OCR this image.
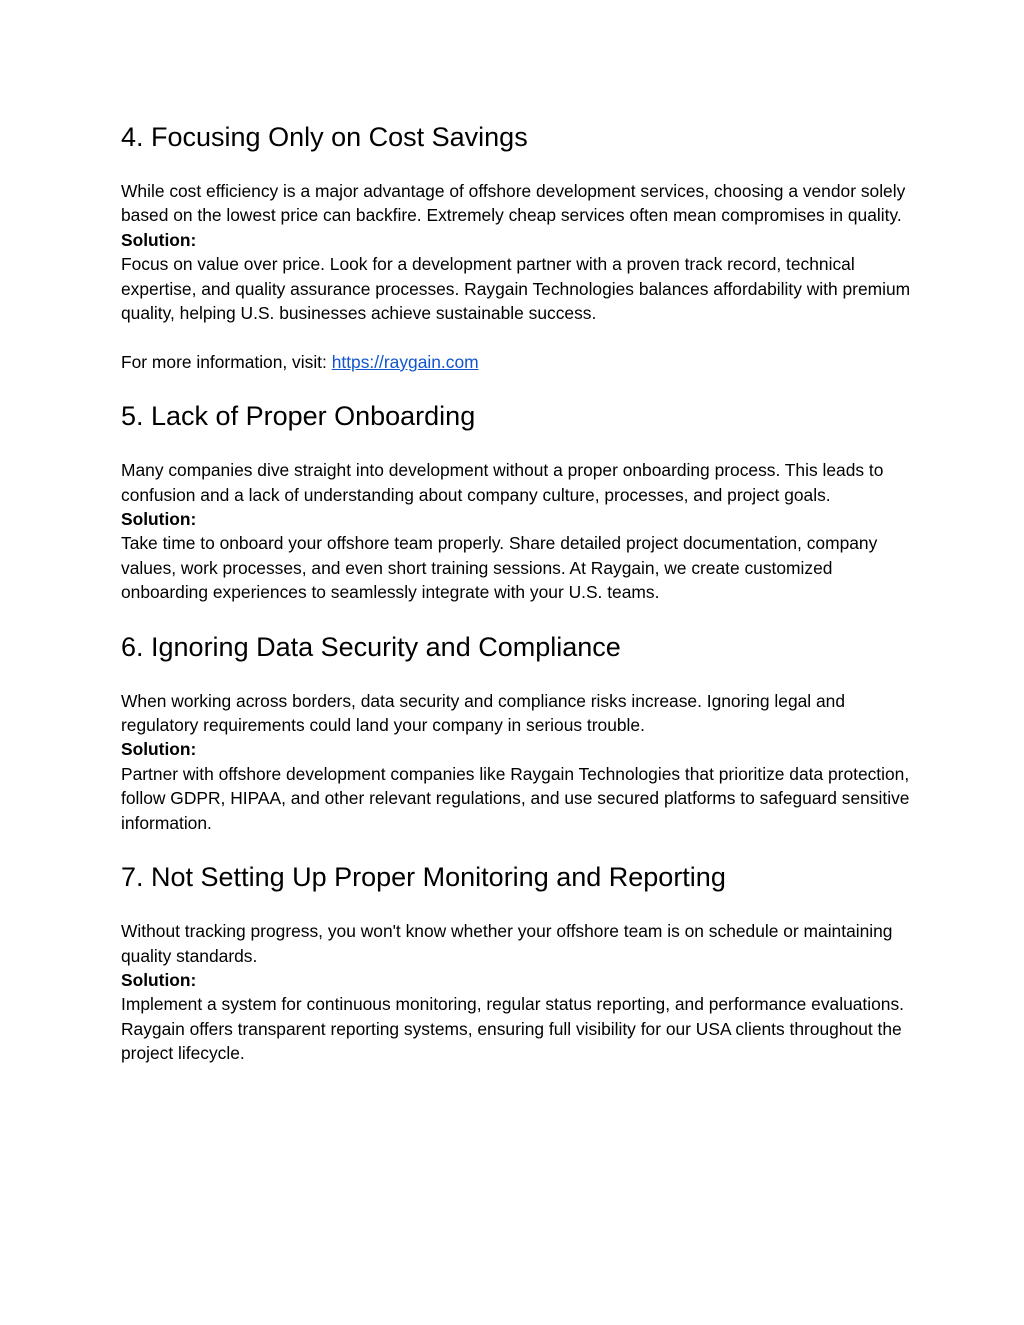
4. Focusing Only on Cost Savings

While cost efficiency is a major advantage of offshore development services, choosing a vendor solely based on the lowest price can backfire. Extremely cheap services often mean compromises in quality.

Solution:

Focus on value over price. Look for a development partner with a proven track record, technical expertise, and quality assurance processes. Raygain Technologies balances affordability with premium quality, helping U.S. businesses achieve sustainable success.

For more information, visit: https://raygain.com

5. Lack of Proper Onboarding

Many companies dive straight into development without a proper onboarding process. This leads to confusion and a lack of understanding about company culture, processes, and project goals.

Solution:

Take time to onboard your offshore team properly. Share detailed project documentation, company values, work processes, and even short training sessions. At Raygain, we create customized onboarding experiences to seamlessly integrate with your U.S. teams.

6. Ignoring Data Security and Compliance

When working across borders, data security and compliance risks increase. Ignoring legal and regulatory requirements could land your company in serious trouble.

Solution:

Partner with offshore development companies like Raygain Technologies that prioritize data protection, follow GDPR, HIPAA, and other relevant regulations, and use secured platforms to safeguard sensitive information.

7. Not Setting Up Proper Monitoring and Reporting

Without tracking progress, you won't know whether your offshore team is on schedule or maintaining quality standards.

Solution:

Implement a system for continuous monitoring, regular status reporting, and performance evaluations. Raygain offers transparent reporting systems, ensuring full visibility for our USA clients throughout the project lifecycle.
